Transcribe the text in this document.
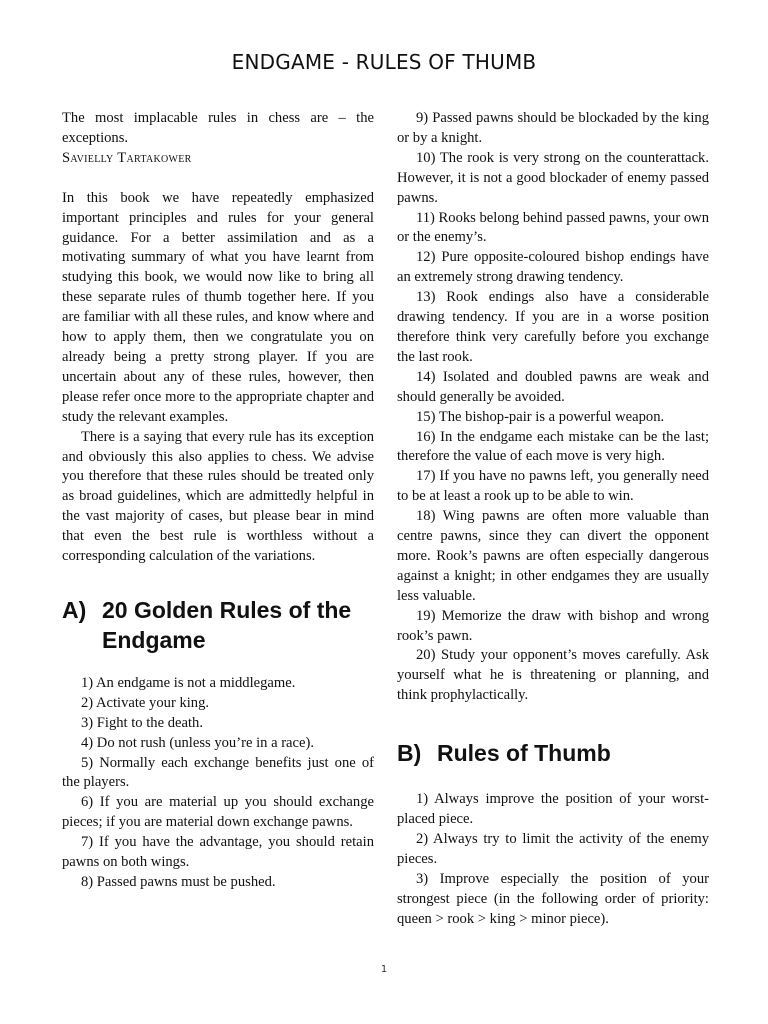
ENDGAME - RULES OF THUMB

The most implacable rules in chess are – the exceptions.

Savielly Tartakower

In this book we have repeatedly emphasized important principles and rules for your general guidance. For a better assimilation and as a motivating summary of what you have learnt from studying this book, we would now like to bring all these separate rules of thumb together here. If you are familiar with all these rules, and know where and how to apply them, then we congratulate you on already being a pretty strong player. If you are uncertain about any of these rules, however, then please refer once more to the appropriate chapter and study the relevant examples.

There is a saying that every rule has its exception and obviously this also applies to chess. We advise you therefore that these rules should be treated only as broad guidelines, which are admittedly helpful in the vast majority of cases, but please bear in mind that even the best rule is worthless without a corresponding calculation of the variations.

A) 20 Golden Rules of the
Endgame

1) An endgame is not a middlegame.

2) Activate your king.

3) Fight to the death.

4) Do not rush (unless you’re in a race).

5) Normally each exchange benefits just one of the players.

6) If you are material up you should exchange pieces; if you are material down exchange pawns.

7) If you have the advantage, you should retain pawns on both wings.

8) Passed pawns must be pushed.

9) Passed pawns should be blockaded by the king or by a knight.

10) The rook is very strong on the counterattack. However, it is not a good blockader of enemy passed pawns.

11) Rooks belong behind passed pawns, your own or the enemy’s.

12) Pure opposite-coloured bishop endings have an extremely strong drawing tendency.

13) Rook endings also have a considerable drawing tendency. If you are in a worse position therefore think very carefully before you exchange the last rook.

14) Isolated and doubled pawns are weak and should generally be avoided.

15) The bishop-pair is a powerful weapon.

16) In the endgame each mistake can be the last; therefore the value of each move is very high.

17) If you have no pawns left, you generally need to be at least a rook up to be able to win.

18) Wing pawns are often more valuable than centre pawns, since they can divert the opponent more. Rook’s pawns are often especially dangerous against a knight; in other endgames they are usually less valuable.

19) Memorize the draw with bishop and wrong rook’s pawn.

20) Study your opponent’s moves carefully. Ask yourself what he is threatening or planning, and think prophylactically.

B) Rules of Thumb

1) Always improve the position of your worst-placed piece.

2) Always try to limit the activity of the enemy pieces.

3) Improve especially the position of your strongest piece (in the following order of priority: queen > rook > king > minor piece).

1
